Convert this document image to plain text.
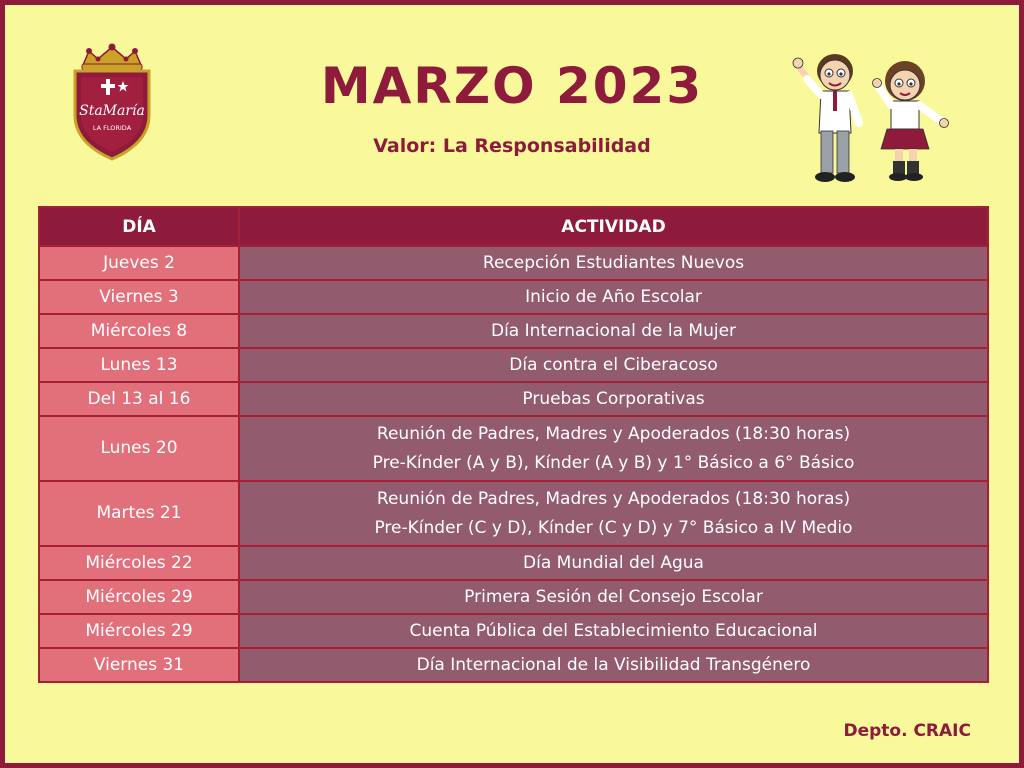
StaMaría
LA FLORIDA
MARZO 2023
Valor: La Responsabilidad
DÍA	ACTIVIDAD
Jueves 2	Recepción Estudiantes Nuevos

Viernes 3	Inicio de Año Escolar

Miércoles 8	Día Internacional de la Mujer

Lunes 13	Día contra el Ciberacoso

Del 13 al 16	Pruebas Corporativas

Lunes 20	Reunión de Padres, Madres y Apoderados (18:30 horas)
Pre-Kínder (A y B), Kínder (A y B) y 1° Básico a 6° Básico

Martes 21	Reunión de Padres, Madres y Apoderados (18:30 horas)
Pre-Kínder (C y D), Kínder (C y D) y 7° Básico a IV Medio

Miércoles 22	Día Mundial del Agua

Miércoles 29	Primera Sesión del Consejo Escolar

Miércoles 29	Cuenta Pública del Establecimiento Educacional

Viernes 31	Día Internacional de la Visibilidad Transgénero
Depto. CRAIC
